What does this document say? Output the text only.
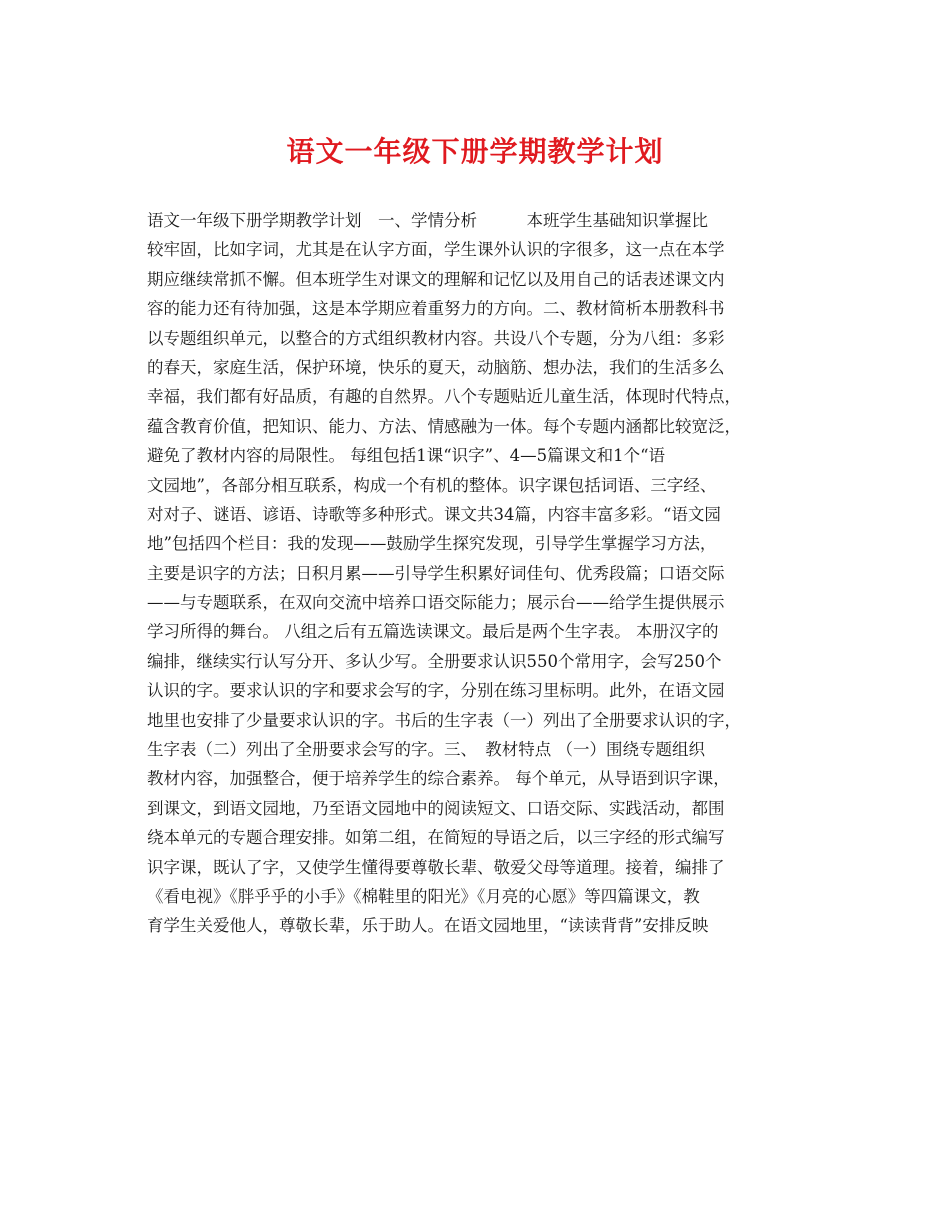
语文一年级下册学期教学计划
语文一年级下册学期教学计划　一、学情分析　　　本班学生基础知识掌握比
较牢固，比如字词，尤其是在认字方面，学生课外认识的字很多，这一点在本学
期应继续常抓不懈。但本班学生对课文的理解和记忆以及用自己的话表述课文内
容的能力还有待加强，这是本学期应着重努力的方向。二、教材简析本册教科书
以专题组织单元，以整合的方式组织教材内容。共设八个专题，分为八组：多彩
的春天，家庭生活，保护环境，快乐的夏天，动脑筋、想办法，我们的生活多么
幸福，我们都有好品质，有趣的自然界。八个专题贴近儿童生活，体现时代特点，
蕴含教育价值，把知识、能力、方法、情感融为一体。每个专题内涵都比较宽泛，
避免了教材内容的局限性。 每组包括1课“识字”、4—5篇课文和1个“语
文园地”，各部分相互联系，构成一个有机的整体。识字课包括词语、三字经、
对对子、谜语、谚语、诗歌等多种形式。课文共34篇，内容丰富多彩。“语文园
地”包括四个栏目：我的发现——鼓励学生探究发现，引导学生掌握学习方法，
主要是识字的方法；日积月累——引导学生积累好词佳句、优秀段篇；口语交际
——与专题联系，在双向交流中培养口语交际能力；展示台——给学生提供展示
学习所得的舞台。 八组之后有五篇选读课文。最后是两个生字表。 本册汉字的
编排，继续实行认写分开、多认少写。全册要求认识550个常用字，会写250个
认识的字。要求认识的字和要求会写的字，分别在练习里标明。此外，在语文园
地里也安排了少量要求认识的字。书后的生字表（一）列出了全册要求认识的字，
生字表（二）列出了全册要求会写的字。三、　教材特点 （一）围绕专题组织
教材内容，加强整合，便于培养学生的综合素养。 每个单元，从导语到识字课，
到课文，到语文园地，乃至语文园地中的阅读短文、口语交际、实践活动，都围
绕本单元的专题合理安排。如第二组，在简短的导语之后，以三字经的形式编写
识字课，既认了字，又使学生懂得要尊敬长辈、敬爱父母等道理。接着，编排了
《看电视》《胖乎乎的小手》《棉鞋里的阳光》《月亮的心愿》等四篇课文，教
育学生关爱他人，尊敬长辈，乐于助人。在语文园地里，“读读背背”安排反映
